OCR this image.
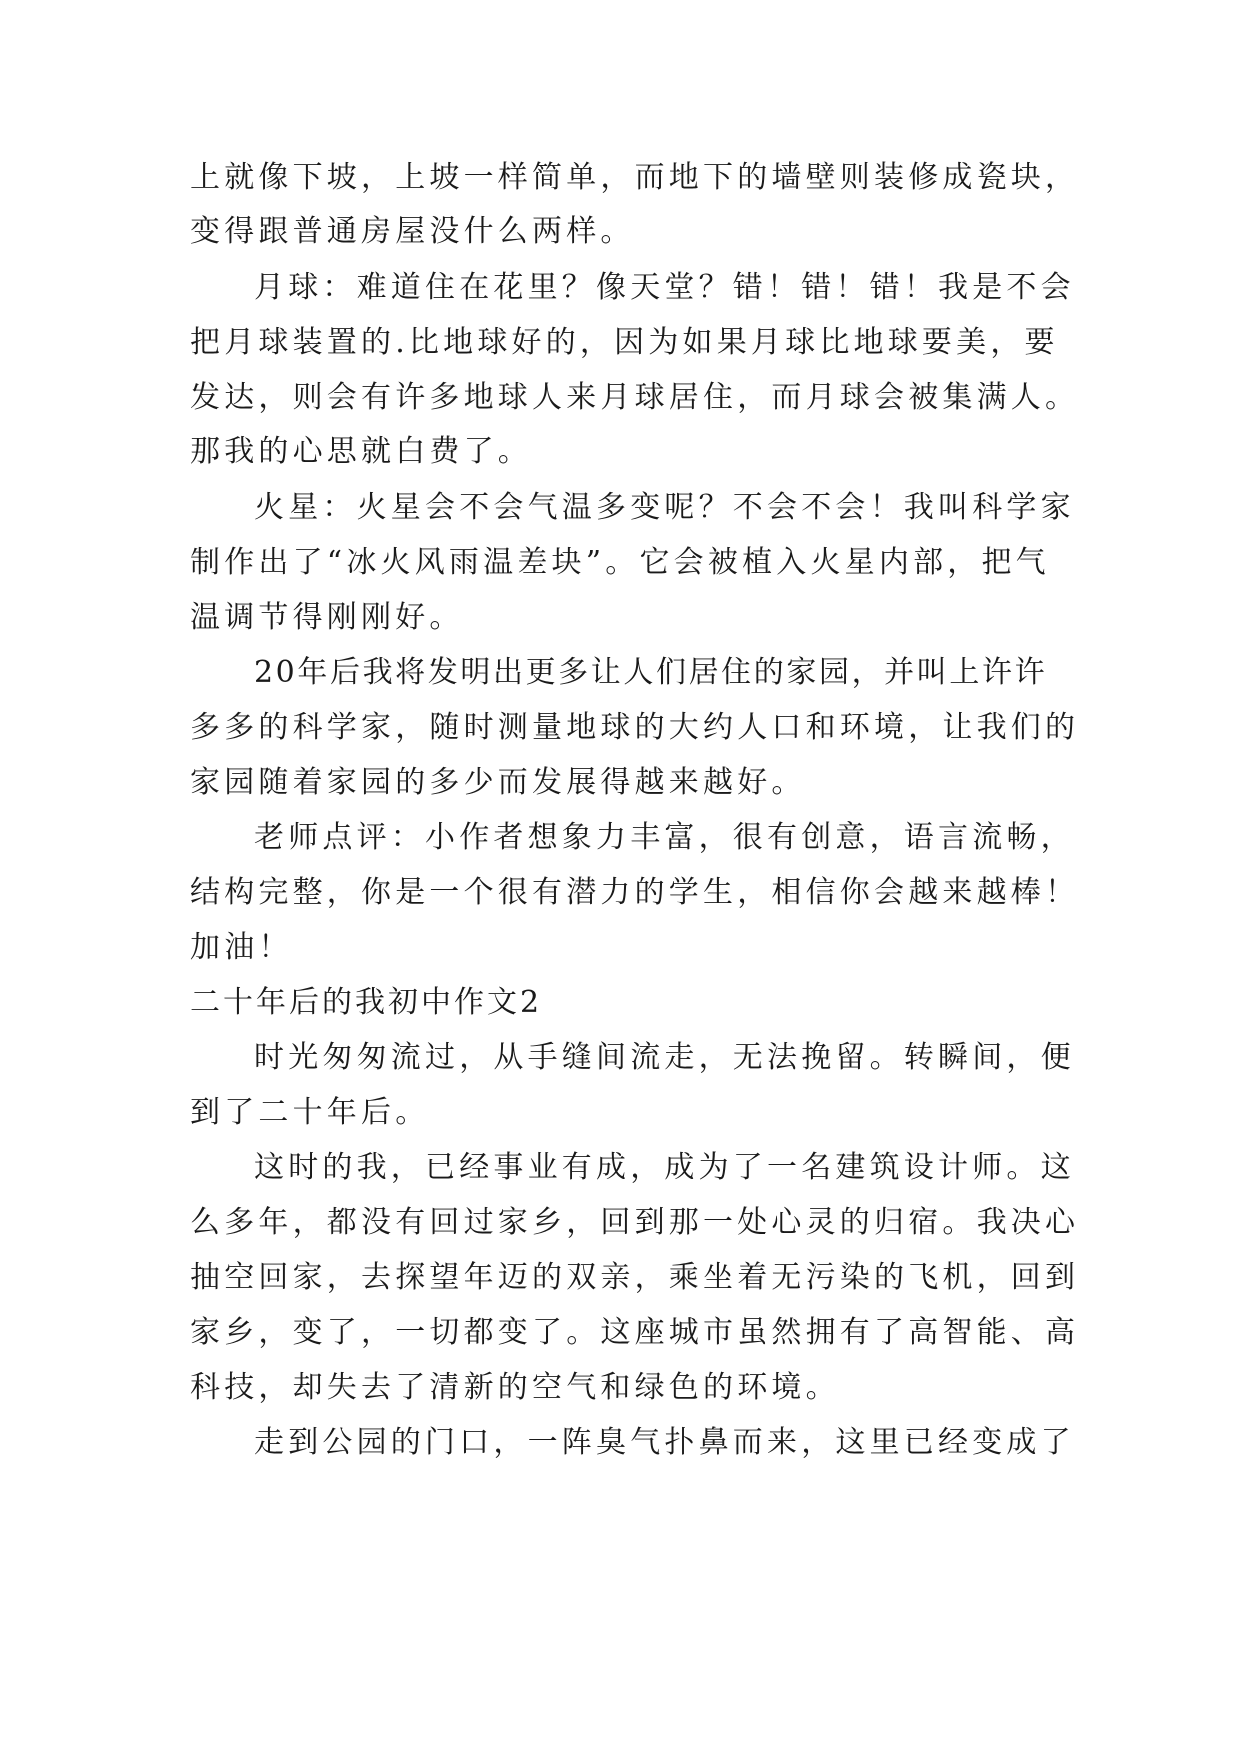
上就像下坡，上坡一样简单，而地下的墙壁则装修成瓷块，
变得跟普通房屋没什么两样。
月球：难道住在花里？像天堂？错！错！错！我是不会
把月球装置的.比地球好的，因为如果月球比地球要美，要
发达，则会有许多地球人来月球居住，而月球会被集满人。
那我的心思就白费了。
火星：火星会不会气温多变呢？不会不会！我叫科学家
制作出了“冰火风雨温差块”。它会被植入火星内部，把气
温调节得刚刚好。
20年后我将发明出更多让人们居住的家园，并叫上许许
多多的科学家，随时测量地球的大约人口和环境，让我们的
家园随着家园的多少而发展得越来越好。
老师点评：小作者想象力丰富，很有创意，语言流畅，
结构完整，你是一个很有潜力的学生，相信你会越来越棒！
加油！
二十年后的我初中作文2
时光匆匆流过，从手缝间流走，无法挽留。转瞬间，便
到了二十年后。
这时的我，已经事业有成，成为了一名建筑设计师。这
么多年，都没有回过家乡，回到那一处心灵的归宿。我决心
抽空回家，去探望年迈的双亲，乘坐着无污染的飞机，回到
家乡，变了，一切都变了。这座城市虽然拥有了高智能、高
科技，却失去了清新的空气和绿色的环境。
走到公园的门口，一阵臭气扑鼻而来，这里已经变成了
